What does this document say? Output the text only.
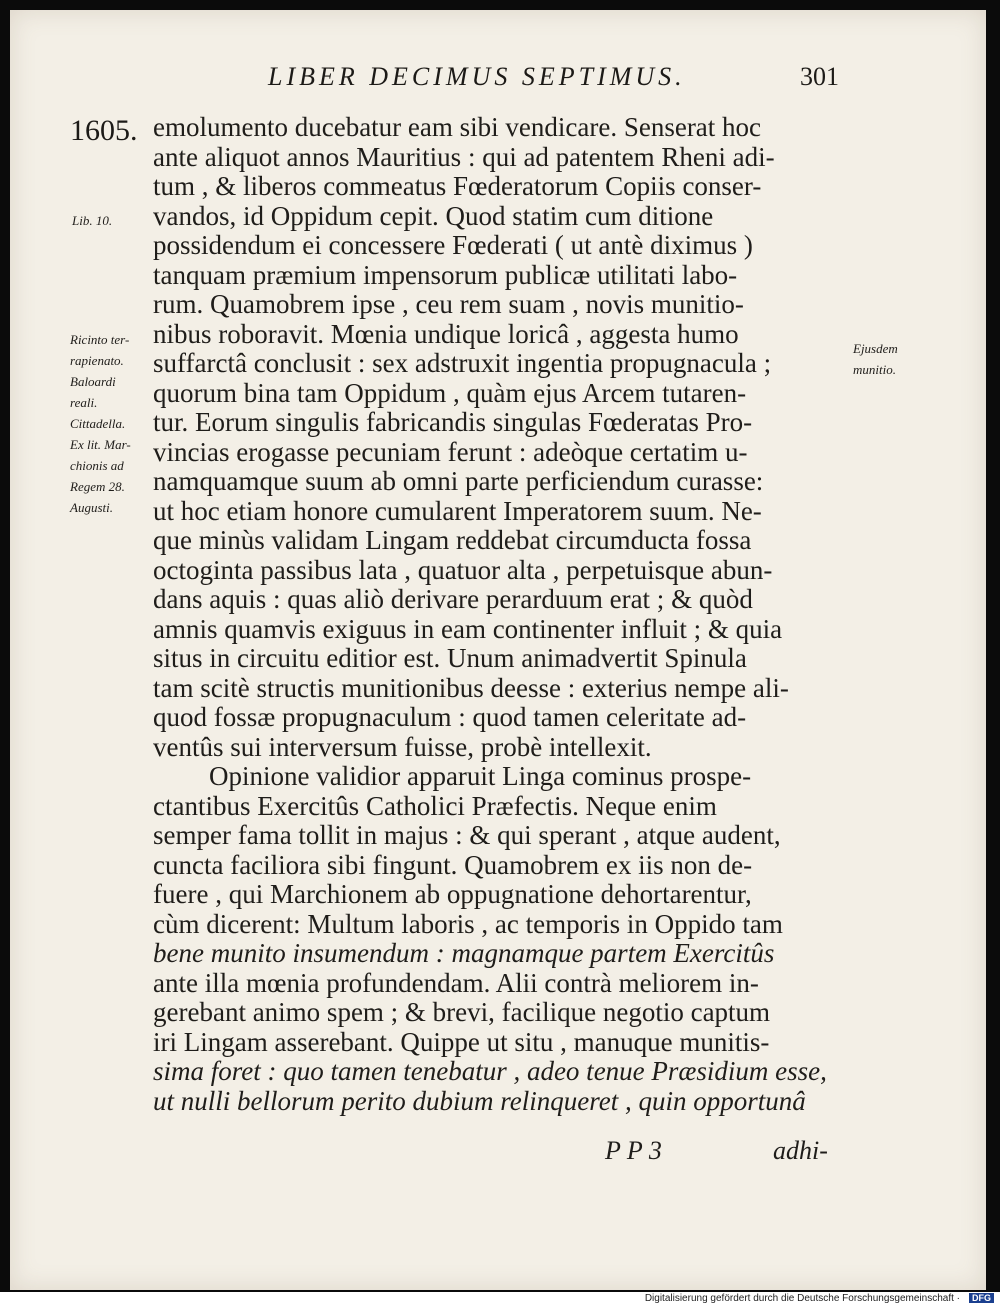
LIBER DECIMUS SEPTIMUS.	301
1605. emolumento ducebatur eam sibi vendicare. Senserat hoc
ante aliquot annos Mauritius : qui ad patentem Rheni adi-
tum , & liberos commeatus Fœderatorum Copiis conser-
vandos, id Oppidum cepit. Quod statim cum ditione
possidendum ei concessere Fœderati ( ut antè diximus )
tanquam præmium impensorum publicæ utilitati labo-
rum. Quamobrem ipse , ceu rem suam , novis munitio-
nibus roboravit. Mœnia undique loricâ , aggesta humo
suffarctâ conclusit : sex adstruxit ingentia propugnacula ;
quorum bina tam Oppidum , quàm ejus Arcem tutaren-
tur. Eorum singulis fabricandis singulas Fœderatas Pro-
vincias erogasse pecuniam ferunt : adeòque certatim u-
namquamque suum ab omni parte perficiendum curasse:
ut hoc etiam honore cumularent Imperatorem suum. Ne-
que minùs validam Lingam reddebat circumducta fossa
octoginta passibus lata , quatuor alta , perpetuisque abun-
dans aquis : quas aliò derivare perarduum erat ; & quòd
amnis quamvis exiguus in eam continenter influit ; & quia
situs in circuitu editior est. Unum animadvertit Spinula
tam scitè structis munitionibus deesse : exterius nempe ali-
quod fossæ propugnaculum : quod tamen celeritate ad-
ventûs sui interversum fuisse, probè intellexit.
Opinione validior apparuit Linga cominus prospe-
ctantibus Exercitûs Catholici Præfectis. Neque enim
semper fama tollit in majus : & qui sperant , atque audent,
cuncta faciliora sibi fingunt. Quamobrem ex iis non de-
fuere , qui Marchionem ab oppugnatione dehortarentur,
cùm dicerent: Multum laboris , ac temporis in Oppido tam
bene munito insumendum : magnamque partem Exercitûs
ante illa mœnia profundendam. Alii contrà meliorem in-
gerebant animo spem ; & brevi, facilique negotio captum
iri Lingam asserebant. Quippe ut situ , manuque munitis-
sima foret : quo tamen tenebatur , adeo tenue Præsidium esse,
ut nulli bellorum perito dubium relinqueret , quin opportunâ
P P 3	adhi-
Lib. 10.
Ricinto ter-
rapienato.
Baloardi
reali.
Cittadella.
Ex lit. Mar-
chionis ad
Regem 28.
Augusti.
Ejusdem
munitio.
Digitalisierung gefördert durch die Deutsche Forschungsgemeinschaft ·	DFG
